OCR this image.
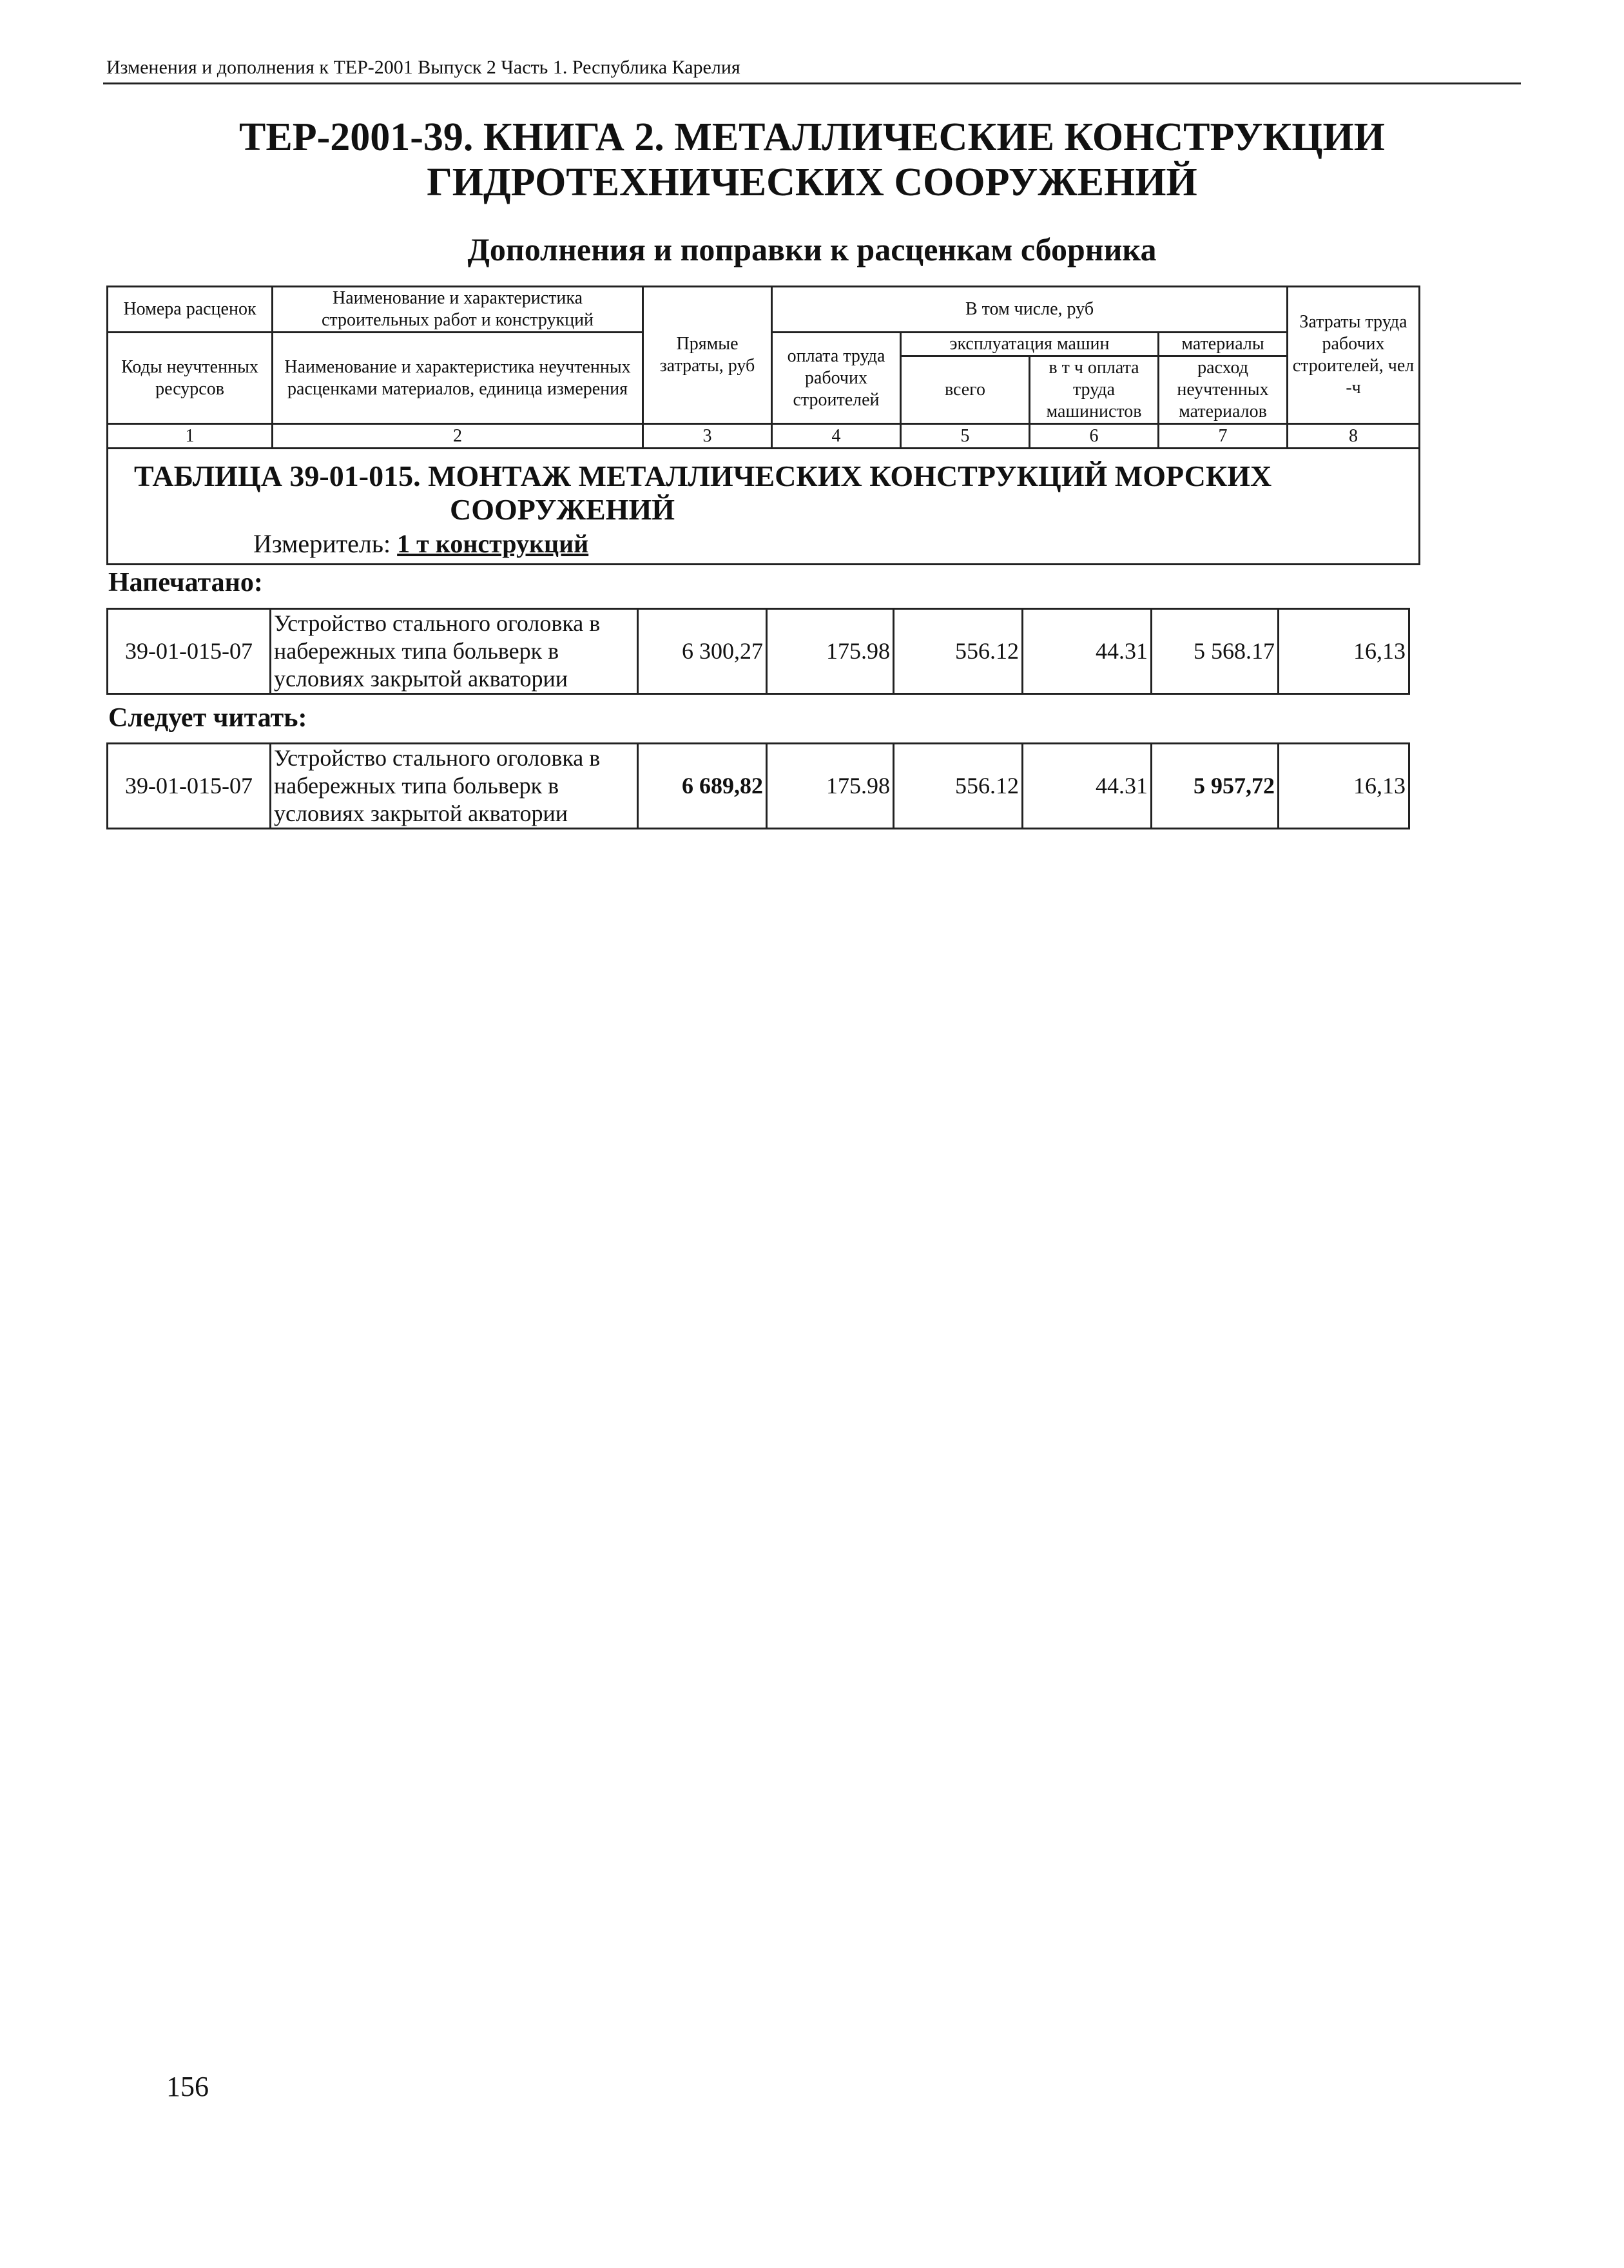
Изменения и дополнения к ТЕР-2001 Выпуск 2 Часть 1. Республика Карелия
ТЕР-2001-39. КНИГА 2. МЕТАЛЛИЧЕСКИЕ КОНСТРУКЦИИ
ГИДРОТЕХНИЧЕСКИХ СООРУЖЕНИЙ
Дополнения и поправки к расценкам сборника
Номера расценок	Наименование и характеристика строительных работ и конструкций	Прямые затраты, руб	В том числе, руб				Затраты труда рабочих строителей, чел -ч
Коды неучтенных ресурсов	Наименование и характеристика неучтенных расценками материалов, единица измерения		оплата труда рабочих строителей	эксплуатация машин		материалы	
				всего	в т ч оплата труда машинистов	расход неучтенных материалов	

1	2	3	4	5	6	7	8

ТАБЛИЦА 39-01-015. МОНТАЖ МЕТАЛЛИЧЕСКИХ КОНСТРУКЦИЙ МОРСКИХ
СООРУЖЕНИЙ
Измеритель: 1 т конструкций							
Напечатано:
39-01-015-07	Устройство стального оголовка в набережных типа больверк в условиях закрытой акватории	6 300,27	175.98	556.12	44.31	5 568.17	16,13
Следует читать:
39-01-015-07	Устройство стального оголовка в набережных типа больверк в условиях закрытой акватории	6 689,82	175.98	556.12	44.31	5 957,72	16,13
156
